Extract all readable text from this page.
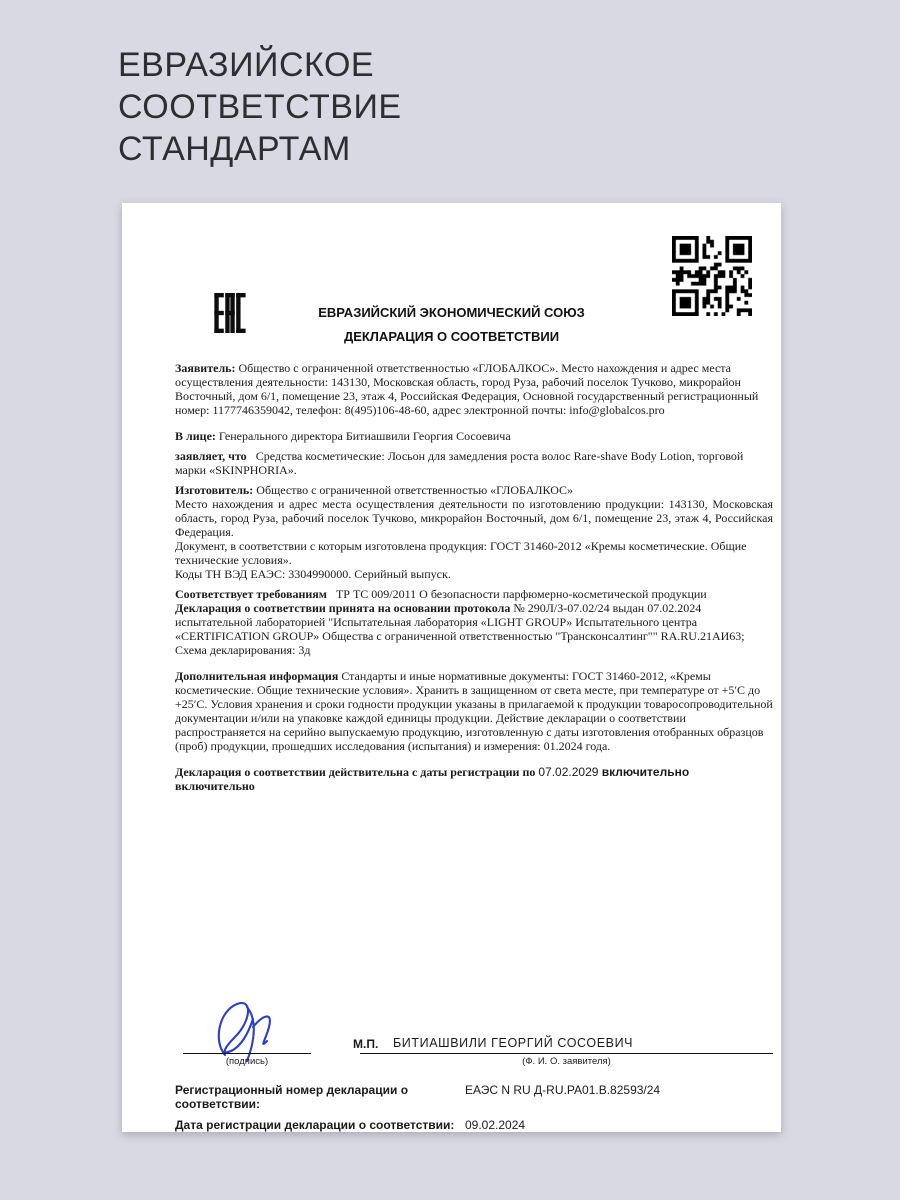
ЕВРАЗИЙСКОЕ
СООТВЕТСТВИЕ
СТАНДАРТАМ
ЕВРАЗИЙСКИЙ ЭКОНОМИЧЕСКИЙ СОЮЗ
ДЕКЛАРАЦИЯ О СООТВЕТСТВИИ

Заявитель: Общество с ограниченной ответственностью «ГЛОБАЛКОС». Место нахождения и адрес места осуществления деятельности: 143130, Московская область, город Руза, рабочий поселок Тучково, микрорайон Восточный, дом 6/1, помещение 23, этаж 4, Российская Федерация, Основной государственный регистрационный номер: 1177746359042, телефон: 8(495)106-48-60, адрес электронной почты: info@globalcos.pro

В лице: Генерального директора Битиашвили Георгия Сосоевича

заявляет, что  Средства косметические: Лосьон для замедления роста волос Rare-shave Body Lotion, торговой марки «SKINPHORIA».

Изготовитель: Общество с ограниченной ответственностью «ГЛОБАЛКОС»

Место нахождения и адрес места осуществления деятельности по изготовлению продукции: 143130, Московская область, город Руза, рабочий поселок Тучково, микрорайон Восточный, дом 6/1, помещение 23, этаж 4, Российская Федерация.

Документ, в соответствии с которым изготовлена продукция: ГОСТ 31460-2012 «Кремы косметические. Общие технические условия».

Коды ТН ВЭД ЕАЭС: 3304990000. Серийный выпуск.

Соответствует требованиям  ТР ТС 009/2011 О безопасности парфюмерно-косметической продукции

Декларация о соответствии принята на основании протокола № 290Л/З-07.02/24 выдан 07.02.2024 испытательной лабораторией "Испытательная лаборатория «LIGHT GROUP» Испытательного центра «CERTIFICATION GROUP» Общества с ограниченной ответственностью "Трансконсалтинг"" RA.RU.21АИ63; Схема декларирования: 3д

Дополнительная информация Стандарты и иные нормативные документы: ГОСТ 31460-2012, «Кремы косметические. Общие технические условия». Хранить в защищенном от света месте, при температуре от +5′С до +25′С. Условия хранения и сроки годности продукции указаны в прилагаемой к продукции товаросопроводительной документации и/или на упаковке каждой единицы продукции. Действие декларации о соответствии распространяется на серийно выпускаемую продукцию, изготовленную с даты изготовления отобранных образцов (проб) продукции, прошедших исследования (испытания) и измерения: 01.2024 года.

Декларация о соответствии действительна с даты регистрации по 07.02.2029 включительно
включительно

(подпись)
М.П. БИТИАШВИЛИ ГЕОРГИЙ СОСОЕВИЧ
(Ф. И. О. заявителя)
Регистрационный номер декларации о соответствии:
ЕАЭС N RU Д-RU.РА01.В.82593/24
Дата регистрации декларации о соответствии: 09.02.2024
